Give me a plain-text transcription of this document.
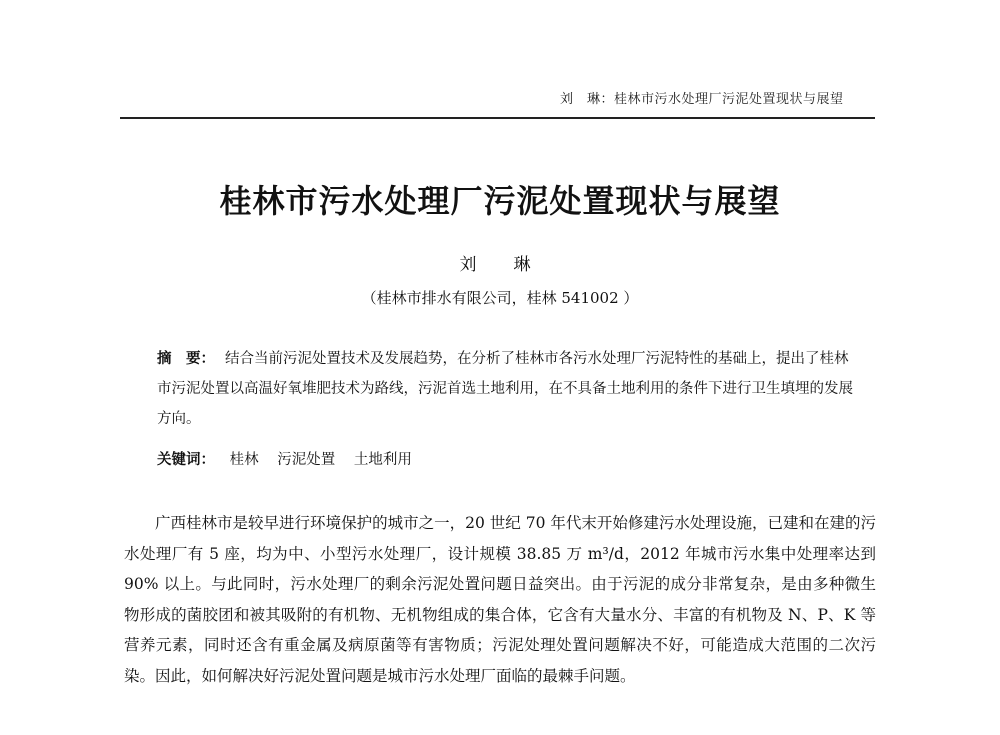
刘　琳：桂林市污水处理厂污泥处置现状与展望
桂林市污水处理厂污泥处置现状与展望
刘　琳
（桂林市排水有限公司，桂林 541002 ）
摘　要： 结合当前污泥处置技术及发展趋势，在分析了桂林市各污水处理厂污泥特性的基础上，提出了桂林市污泥处置以高温好氧堆肥技术为路线，污泥首选土地利用，在不具备土地利用的条件下进行卫生填埋的发展方向。
关键词： 桂林 污泥处置 土地利用

广西桂林市是较早进行环境保护的城市之一，20 世纪 70 年代末开始修建污水处理设施，已建和在建的污水处理厂有 5 座，均为中、小型污水处理厂，设计规模 38.85 万 m³/d，2012 年城市污水集中处理率达到 90% 以上。与此同时，污水处理厂的剩余污泥处置问题日益突出。由于污泥的成分非常复杂，是由多种微生物形成的菌胶团和被其吸附的有机物、无机物组成的集合体，它含有大量水分、丰富的有机物及 N、P、K 等营养元素，同时还含有重金属及病原菌等有害物质；污泥处理处置问题解决不好，可能造成大范围的二次污染。因此，如何解决好污泥处置问题是城市污水处理厂面临的最棘手问题。
